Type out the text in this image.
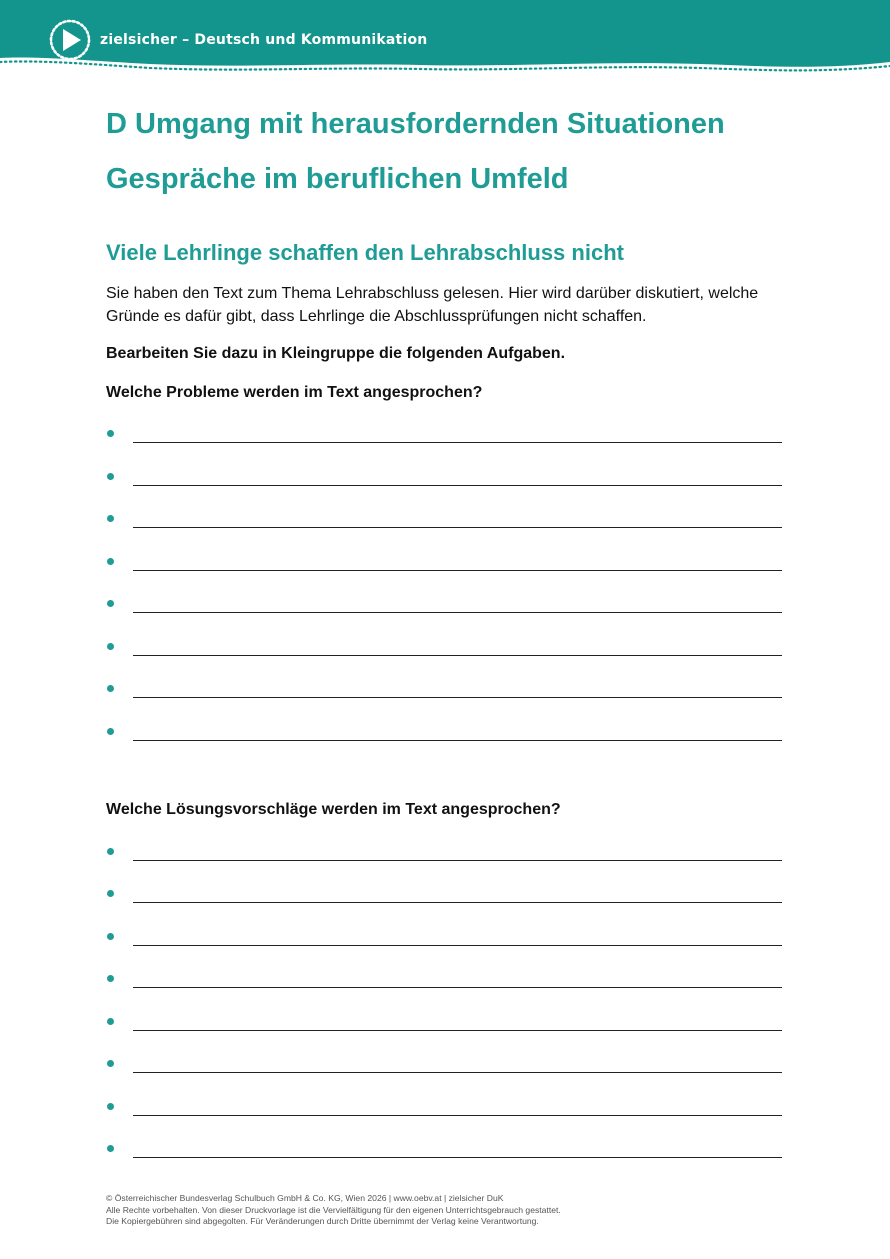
zielsicher – Deutsch und Kommunikation
D Umgang mit herausfordernden Situationen
Gespräche im beruflichen Umfeld
Viele Lehrlinge schaffen den Lehrabschluss nicht

Sie haben den Text zum Thema Lehrabschluss gelesen. Hier wird darüber diskutiert, welche Gründe es dafür gibt, dass Lehrlinge die Abschlussprüfungen nicht schaffen.

Bearbeiten Sie dazu in Kleingruppe die folgenden Aufgaben.

Welche Probleme werden im Text angesprochen?

Welche Lösungsvorschläge werden im Text angesprochen?

© Österreichischer Bundesverlag Schulbuch GmbH & Co. KG, Wien 2026 | www.oebv.at | zielsicher DuK
Alle Rechte vorbehalten. Von dieser Druckvorlage ist die Vervielfältigung für den eigenen Unterrichtsgebrauch gestattet.
Die Kopiergebühren sind abgegolten. Für Veränderungen durch Dritte übernimmt der Verlag keine Verantwortung.
